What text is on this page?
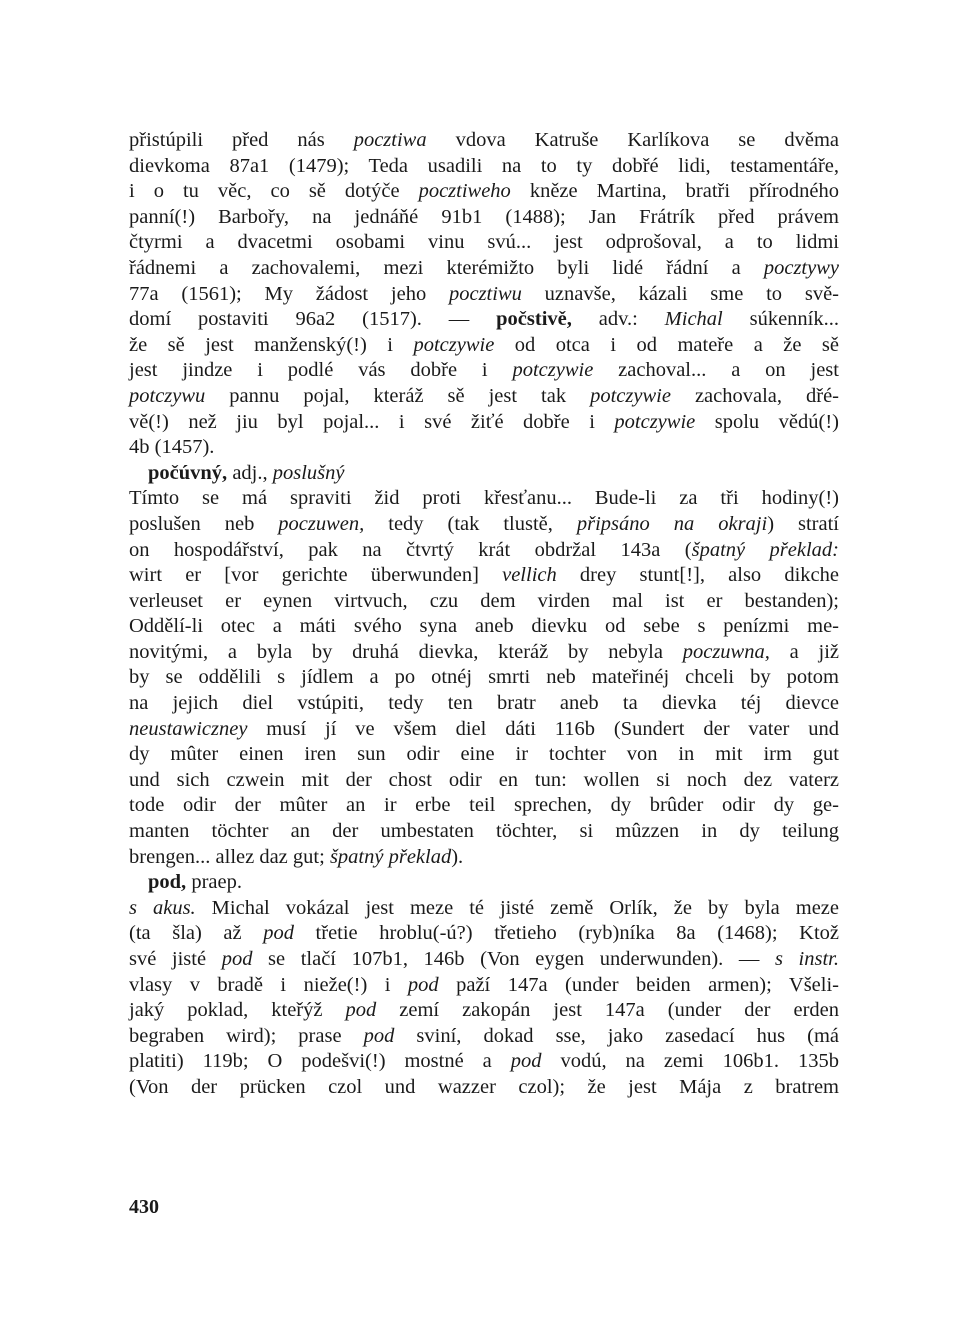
přistúpili před nás pocztiwa vdova Katruše Karlíkova se dvěma
dievkoma 87a1 (1479); Teda usadili na to ty dobřé lidi, testamentáře,
i o tu věc, co sě dotýče pocztiweho kněze Martina, bratři přírodného
panní(!) Barbořy, na jednáňé 91b1 (1488); Jan Frátrík před právem
čtyrmi a dvacetmi osobami vinu svú... jest odprošoval, a to lidmi
řádnemi a zachovalemi, mezi kterémižto byli lidé řádní a pocztywy
77a (1561); My žádost jeho pocztiwu uznavše, kázali sme to svě-
domí postaviti 96a2 (1517). — počstivě, adv.: Michal súkenník...
že sě jest manženský(!) i potczywie od otca i od mateře a že sě
jest jindze i podlé vás dobře i potczywie zachoval... a on jest
potczywu pannu pojal, kteráž sě jest tak potczywie zachovala, dřé-
vě(!) než jiu byl pojal... i své žiťé dobře i potczywie spolu vědú(!)
4b (1457).
počúvný, adj., poslušný
Tímto se má spraviti žid proti křesťanu... Bude-li za tři hodiny(!)
poslušen neb poczuwen, tedy (tak tlustě, připsáno na okraji) stratí
on hospodářství, pak na čtvrtý krát obdržal 143a (špatný překlad:
wirt er [vor gerichte überwunden] vellich drey stunt[!], also dikche
verleuset er eynen virtvuch, czu dem virden mal ist er bestanden);
Oddělí-li otec a máti svého syna aneb dievku od sebe s penízmi me-
novitými, a byla by druhá dievka, kteráž by nebyla poczuwna, a již
by se oddělili s jídlem a po otnéj smrti neb mateřinéj chceli by potom
na jejich diel vstúpiti, tedy ten bratr aneb ta dievka téj dievce
neustawiczney musí jí ve všem diel dáti 116b (Sundert der vater und
dy mûter einen iren sun odir eine ir tochter von in mit irm gut
und sich czwein mit der chost odir en tun: wollen si noch dez vaterz
tode odir der mûter an ir erbe teil sprechen, dy brûder odir dy ge-
manten töchter an der umbestaten töchter, si mûzzen in dy teilung
brengen... allez daz gut; špatný překlad).
pod, praep.
s akus. Michal vokázal jest meze té jisté země Orlík, že by byla meze
(ta šla) až pod třetie hroblu(-ú?) třetieho (ryb)níka 8a (1468); Ktož
své jisté pod se tlačí 107b1, 146b (Von eygen underwunden). — s instr.
vlasy v bradě i nieže(!) i pod paží 147a (under beiden armen); Všeli-
jaký poklad, kteřýž pod zemí zakopán jest 147a (under der erden
begraben wird); prase pod sviní, dokad sse, jako zasedací hus (má
platiti) 119b; O podešvi(!) mostné a pod vodú, na zemi 106b1. 135b
(Von der prücken czol und wazzer czol); že jest Mája z bratrem
430
